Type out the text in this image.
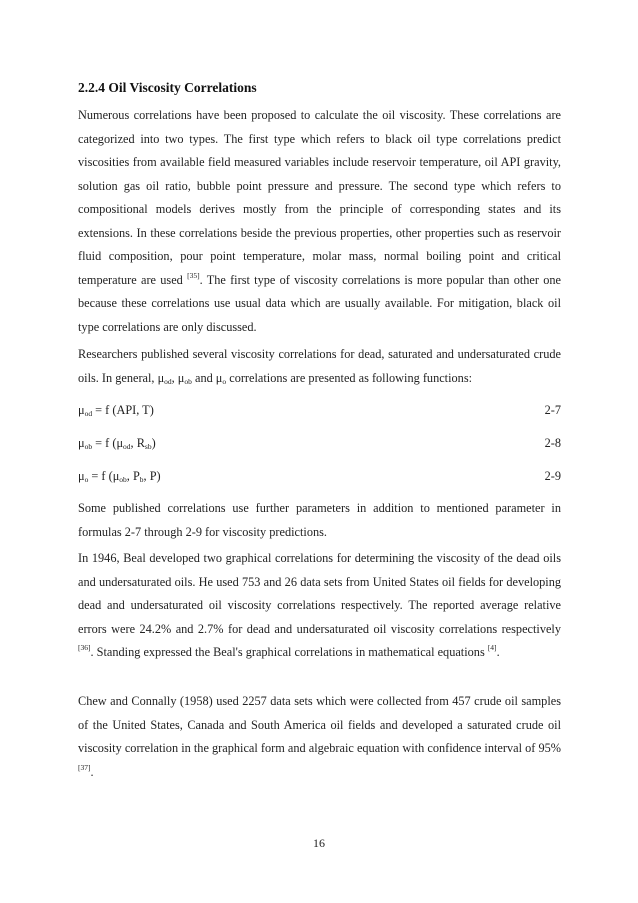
2.2.4 Oil Viscosity Correlations

Numerous correlations have been proposed to calculate the oil viscosity. These correlations are categorized into two types. The first type which refers to black oil type correlations predict viscosities from available field measured variables include reservoir temperature, oil API gravity, solution gas oil ratio, bubble point pressure and pressure. The second type which refers to compositional models derives mostly from the principle of corresponding states and its extensions. In these correlations beside the previous properties, other properties such as reservoir fluid composition, pour point temperature, molar mass, normal boiling point and critical temperature are used [35]. The first type of viscosity correlations is more popular than other one because these correlations use usual data which are usually available. For mitigation, black oil type correlations are only discussed.

Researchers published several viscosity correlations for dead, saturated and undersaturated crude oils. In general, $\mu_{od}$, $\mu_{ob}$ and $\mu_o$ correlations are presented as following functions:

$\mu_{od} = f$ (API, T)	2-7
$\mu_{ob} = f$ ($\mu_{od}$, $R_{sb}$)	2-8
$\mu_o = f$ ($\mu_{ob}$, $P_b$, P)	2-9

Some published correlations use further parameters in addition to mentioned parameter in formulas 2-7 through 2-9 for viscosity predictions.

In 1946, Beal developed two graphical correlations for determining the viscosity of the dead oils and undersaturated oils. He used 753 and 26 data sets from United States oil fields for developing dead and undersaturated oil viscosity correlations respectively. The reported average relative errors were 24.2% and 2.7% for dead and undersaturated oil viscosity correlations respectively [36]. Standing expressed the Beal's graphical correlations in mathematical equations [4].

Chew and Connally (1958) used 2257 data sets which were collected from 457 crude oil samples of the United States, Canada and South America oil fields and developed a saturated crude oil viscosity correlation in the graphical form and algebraic equation with confidence interval of 95% [37].

16
